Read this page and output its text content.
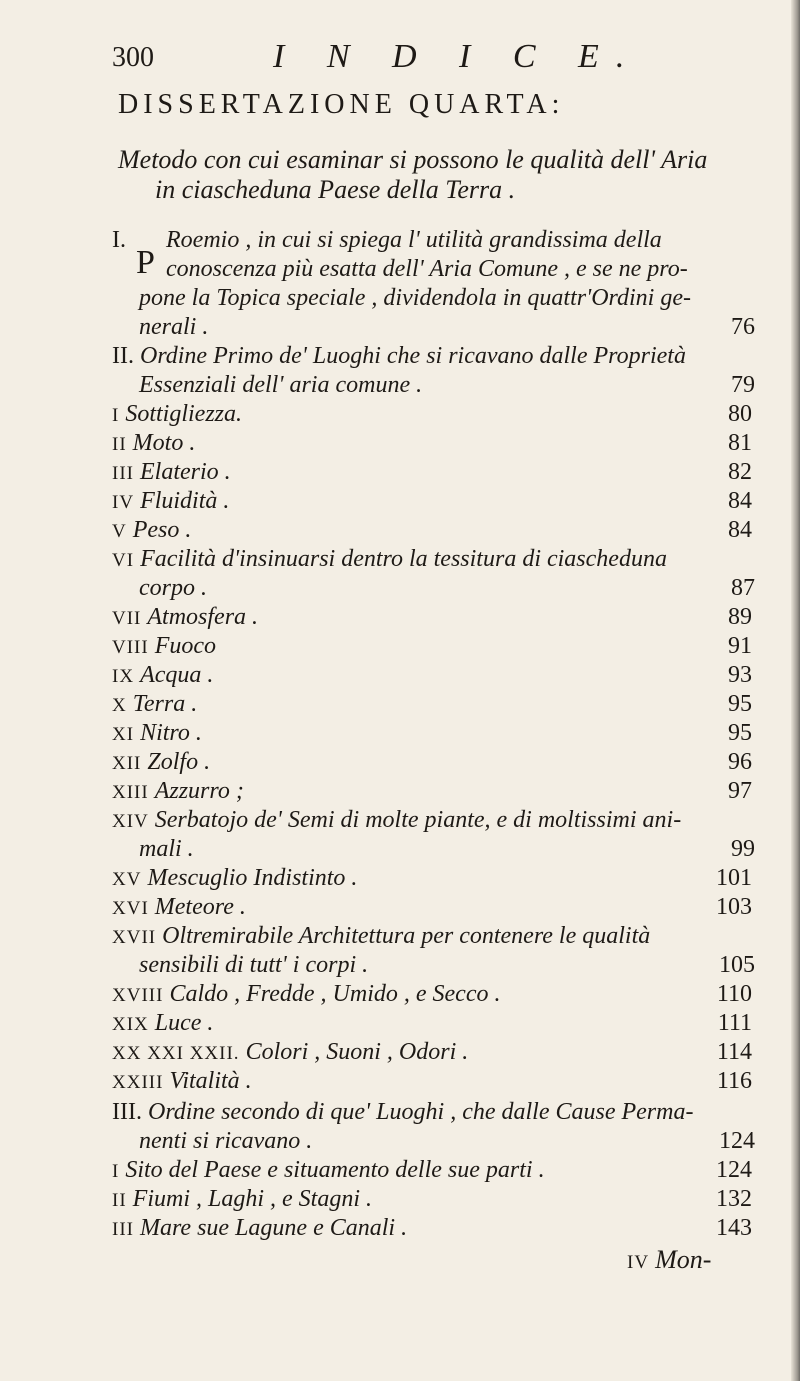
300	I N D I C E.
DISSERTAZIONE QUARTA:
Metodo con cui esaminar si possono le qualità dell' Aria
in ciascheduna Paese della Terra .
I.
P
Roemio , in cui si spiega l' utilità grandissima della
conoscenza più esatta dell' Aria Comune , e se ne pro-
pone la Topica speciale , dividendola in quattr'Ordini ge-
nerali .	76
II. Ordine Primo de' Luoghi che si ricavano dalle Proprietà
Essenziali dell' aria comune .	79
I Sottigliezza.	80
II Moto .	81
III Elaterio .	82
IV Fluidità .	84
V Peso .	84
VI Facilità d'insinuarsi dentro la tessitura di ciascheduna
corpo .	87
VII Atmosfera .	89
VIII Fuoco	91
IX Acqua .	93
X Terra .	95
XI Nitro .	95
XII Zolfo .	96
XIII Azzurro ;	97
XIV Serbatojo de' Semi di molte piante, e di moltissimi ani-
mali .	99
XV Mescuglio Indistinto .	101
XVI Meteore .	103
XVII Oltremirabile Architettura per contenere le qualità
sensibili di tutt' i corpi .	105
XVIII Caldo , Fredde , Umido , e Secco .	110
XIX Luce .	111
XX XXI XXII. Colori , Suoni , Odori .	114
XXIII Vitalità .	116
III. Ordine secondo di que' Luoghi , che dalle Cause Perma-
nenti si ricavano .	124
I Sito del Paese e situamento delle sue parti .	124
II Fiumi , Laghi , e Stagni .	132
III Mare sue Lagune e Canali .	143
IV Mon-
